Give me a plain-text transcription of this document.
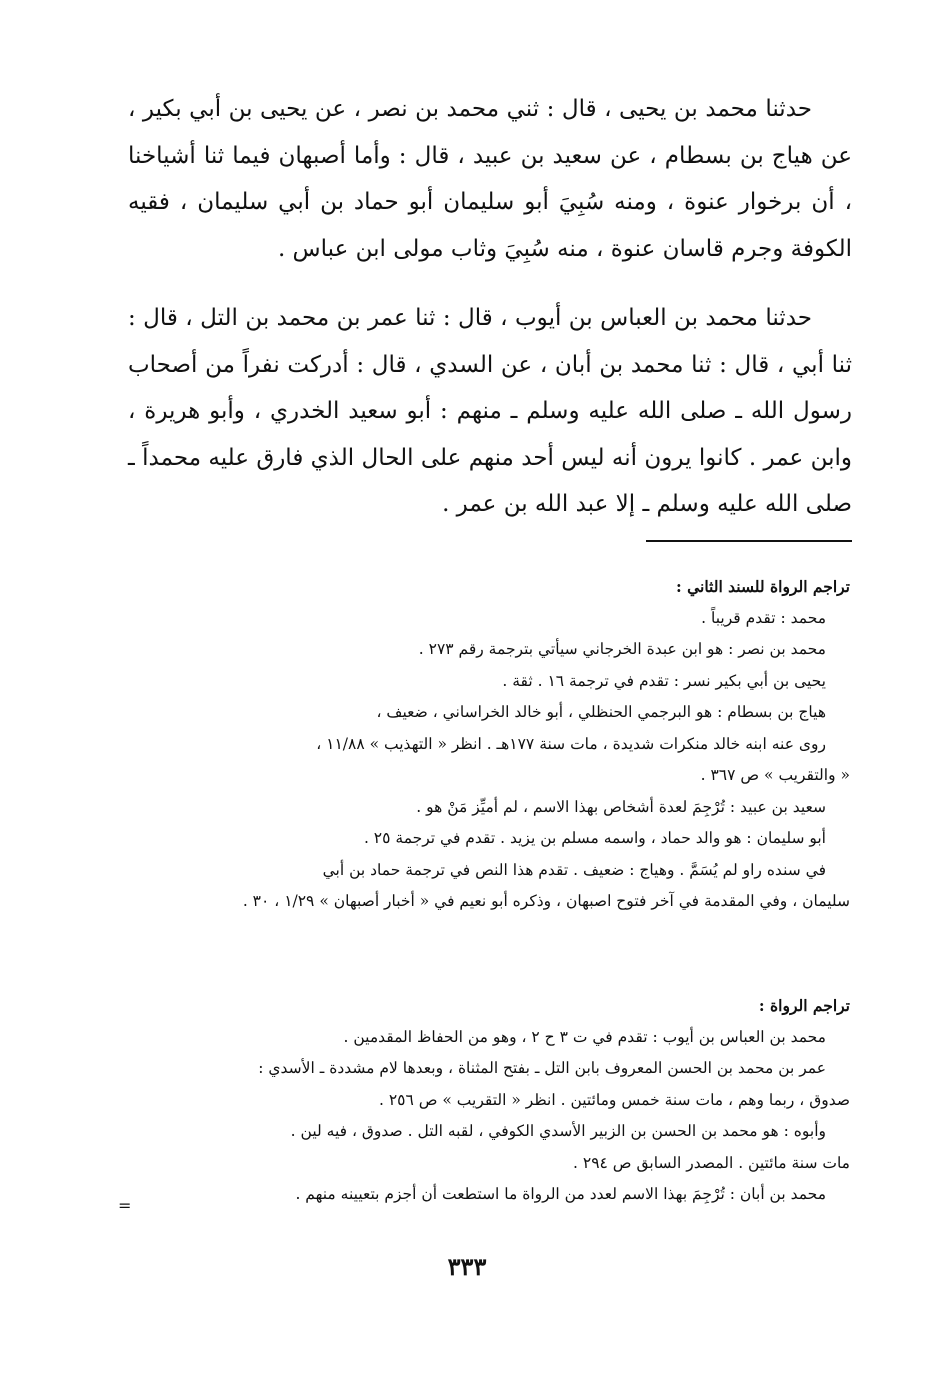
حدثنا محمد بن يحيى ، قال : ثني محمد بن نصر ، عن يحيى بن أبي بكير ، عن هياج بن بسطام ، عن سعيد بن عبيد ، قال : وأما أصبهان فيما ثنا أشياخنا ، أن برخوار عنوة ، ومنه سُبِيَ أبو سليمان أبو حماد بن أبي سليمان ، فقيه الكوفة وجرم قاسان عنوة ، منه سُبِيَ وثاب مولى ابن عباس .

حدثنا محمد بن العباس بن أيوب ، قال : ثنا عمر بن محمد بن التل ، قال : ثنا أبي ، قال : ثنا محمد بن أبان ، عن السدي ، قال : أدركت نفراً من أصحاب رسول الله ـ صلى الله عليه وسلم ـ منهم : أبو سعيد الخدري ، وأبو هريرة ، وابن عمر . كانوا يرون أنه ليس أحد منهم على الحال الذي فارق عليه محمداً ـ صلى الله عليه وسلم ـ إلا عبد الله بن عمر .

تراجم الرواة للسند الثاني :
محمد : تقدم قريباً .
محمد بن نصر : هو ابن عبدة الخرجاني سيأتي بترجمة رقم ٢٧٣ .
يحيى بن أبي بكير نسر : تقدم في ترجمة ١٦ . ثقة .
هياج بن بسطام : هو البرجمي الحنظلي ، أبو خالد الخراساني ، ضعيف ،
روى عنه ابنه خالد منكرات شديدة ، مات سنة ١٧٧هـ . انظر « التهذيب » ١١/٨٨ ،
« والتقريب » ص ٣٦٧ .
سعيد بن عبيد : تُرْجِمَ لعدة أشخاص بهذا الاسم ، لم أميِّز مَنْ هو .
أبو سليمان : هو والد حماد ، واسمه مسلم بن يزيد . تقدم في ترجمة ٢٥ .
في سنده راو لم يُسَمَّ . وهياج : ضعيف . تقدم هذا النص في ترجمة حماد بن أبي
سليمان ، وفي المقدمة في آخر فتوح اصبهان ، وذكره أبو نعيم في « أخبار أصبهان » ١/٢٩ ، ٣٠ .
تراجم الرواة :
محمد بن العباس بن أيوب : تقدم في ت ٣ ح ٢ ، وهو من الحفاظ المقدمين .
عمر بن محمد بن الحسن المعروف بابن التل ـ بفتح المثناة ، وبعدها لام مشددة ـ الأسدي :
صدوق ، ربما وهم ، مات سنة خمس ومائتين . انظر « التقريب » ص ٢٥٦ .
وأبوه : هو محمد بن الحسن بن الزبير الأسدي الكوفي ، لقبه التل . صدوق ، فيه لين .
مات سنة مائتين . المصدر السابق ص ٢٩٤ .
محمد بن أبان : تُرْجِمَ بهذا الاسم لعدد من الرواة ما استطعت أن أجزم بتعيينه منهم .
=
٣٣٣
